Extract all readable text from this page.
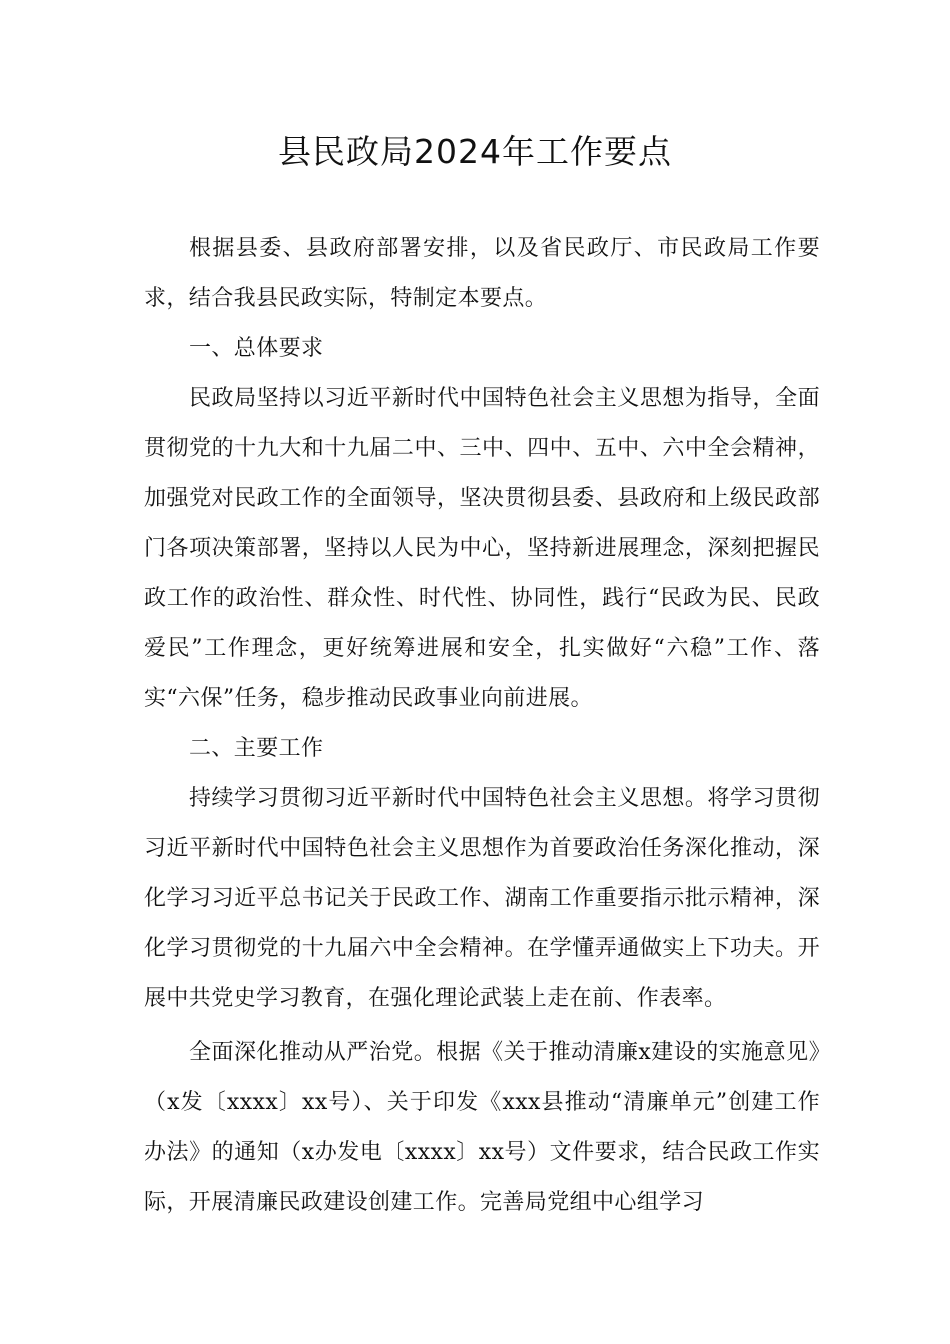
县民政局2024年工作要点

根据县委、县政府部署安排，以及省民政厅、市民政局工作要求，结合我县民政实际，特制定本要点。

一、总体要求

民政局坚持以习近平新时代中国特色社会主义思想为指导，全面贯彻党的十九大和十九届二中、三中、四中、五中、六中全会精神，加强党对民政工作的全面领导，坚决贯彻县委、县政府和上级民政部门各项决策部署，坚持以人民为中心，坚持新进展理念，深刻把握民政工作的政治性、群众性、时代性、协同性，践行“民政为民、民政爱民”工作理念，更好统筹进展和安全，扎实做好“六稳”工作、落实“六保”任务，稳步推动民政事业向前进展。

二、主要工作

持续学习贯彻习近平新时代中国特色社会主义思想。将学习贯彻习近平新时代中国特色社会主义思想作为首要政治任务深化推动，深化学习习近平总书记关于民政工作、湖南工作重要指示批示精神，深化学习贯彻党的十九届六中全会精神。在学懂弄通做实上下功夫。开展中共党史学习教育，在强化理论武装上走在前、作表率。

全面深化推动从严治党。根据《关于推动清廉x建设的实施意见》（x发〔xxxx〕xx号）、关于印发《xxx县推动“清廉单元”创建工作办法》的通知（x办发电〔xxxx〕xx号）文件要求，结合民政工作实际，开展清廉民政建设创建工作。完善局党组中心组学习
